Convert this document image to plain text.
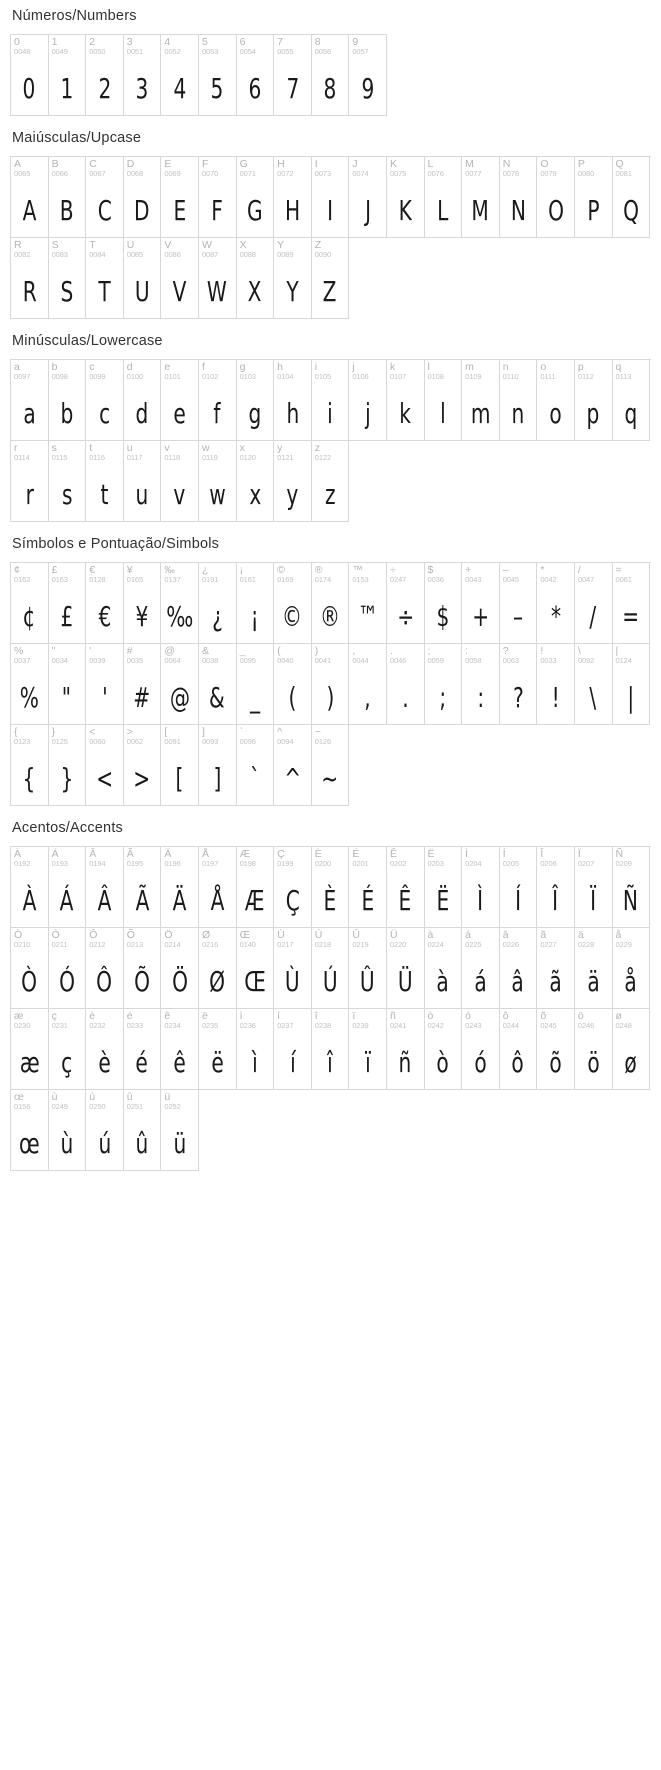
Números/Numbers
0
0048
0
1
0049
1
2
0050
2
3
0051
3
4
0052
4
5
0053
5
6
0054
6
7
0055
7
8
0056
8
9
0057
9
Maiúsculas/Upcase
A
0065
A
B
0066
B
C
0067
C
D
0068
D
E
0069
E
F
0070
F
G
0071
G
H
0072
H
I
0073
I
J
0074
J
K
0075
K
L
0076
L
M
0077
M
N
0078
N
O
0079
O
P
0080
P
Q
0081
Q
R
0082
R
S
0083
S
T
0084
T
U
0085
U
V
0086
V
W
0087
W
X
0088
X
Y
0089
Y
Z
0090
Z
Minúsculas/Lowercase
a
0097
a
b
0098
b
c
0099
c
d
0100
d
e
0101
e
f
0102
f
g
0103
g
h
0104
h
i
0105
i
j
0106
j
k
0107
k
l
0108
l
m
0109
m
n
0110
n
o
0111
o
p
0112
p
q
0113
q
r
0114
r
s
0115
s
t
0116
t
u
0117
u
v
0118
v
w
0119
w
x
0120
x
y
0121
y
z
0122
z
Símbolos e Pontuação/Simbols
¢
0162
¢
£
0163
£
€
0128
€
¥
0165
¥
‰
0137
‰
¿
0191
¿
¡
0161
¡
©
0169
©
®
0174
®
™
0153
™
÷
0247
÷
$
0036
$
+
0043
+
–
0045
–
*
0042
*
/
0047
/
=
0061
=
%
0037
%
"
0034
"
'
0039
'
#
0035
#
@
0064
@
&
0038
&
_
0095
_
(
0040
(
)
0041
)
,
0044
,
.
0046
.
;
0059
;
:
0058
:
?
0063
?
!
0033
!
\
0092
\
|
0124
|
{
0123
{
}
0125
}
<
0060
<
>
0062
>
[
0091
[
]
0093
]
`
0096
`
^
0094
^
~
0126
~
Acentos/Accents
À
0192
À
Á
0193
Á
Â
0194
Â
Ã
0195
Ã
Ä
0196
Ä
Å
0197
Å
Æ
0198
Æ
Ç
0199
Ç
È
0200
È
É
0201
É
Ê
0202
Ê
Ë
0203
Ë
Ì
0204
Ì
Í
0205
Í
Î
0206
Î
Ï
0207
Ï
Ñ
0209
Ñ
Ò
0210
Ò
Ó
0211
Ó
Ô
0212
Ô
Õ
0213
Õ
Ö
0214
Ö
Ø
0216
Ø
Œ
0140
Œ
Ù
0217
Ù
Ú
0218
Ú
Û
0219
Û
Ü
0220
Ü
à
0224
à
á
0225
á
â
0226
â
ã
0227
ã
ä
0228
ä
å
0229
å
æ
0230
æ
ç
0231
ç
è
0232
è
é
0233
é
ê
0234
ê
ë
0235
ë
ì
0236
ì
í
0237
í
î
0238
î
ï
0239
ï
ñ
0241
ñ
ò
0242
ò
ó
0243
ó
ô
0244
ô
õ
0245
õ
ö
0246
ö
ø
0248
ø
œ
0156
œ
ù
0249
ù
ú
0250
ú
û
0251
û
ü
0252
ü
